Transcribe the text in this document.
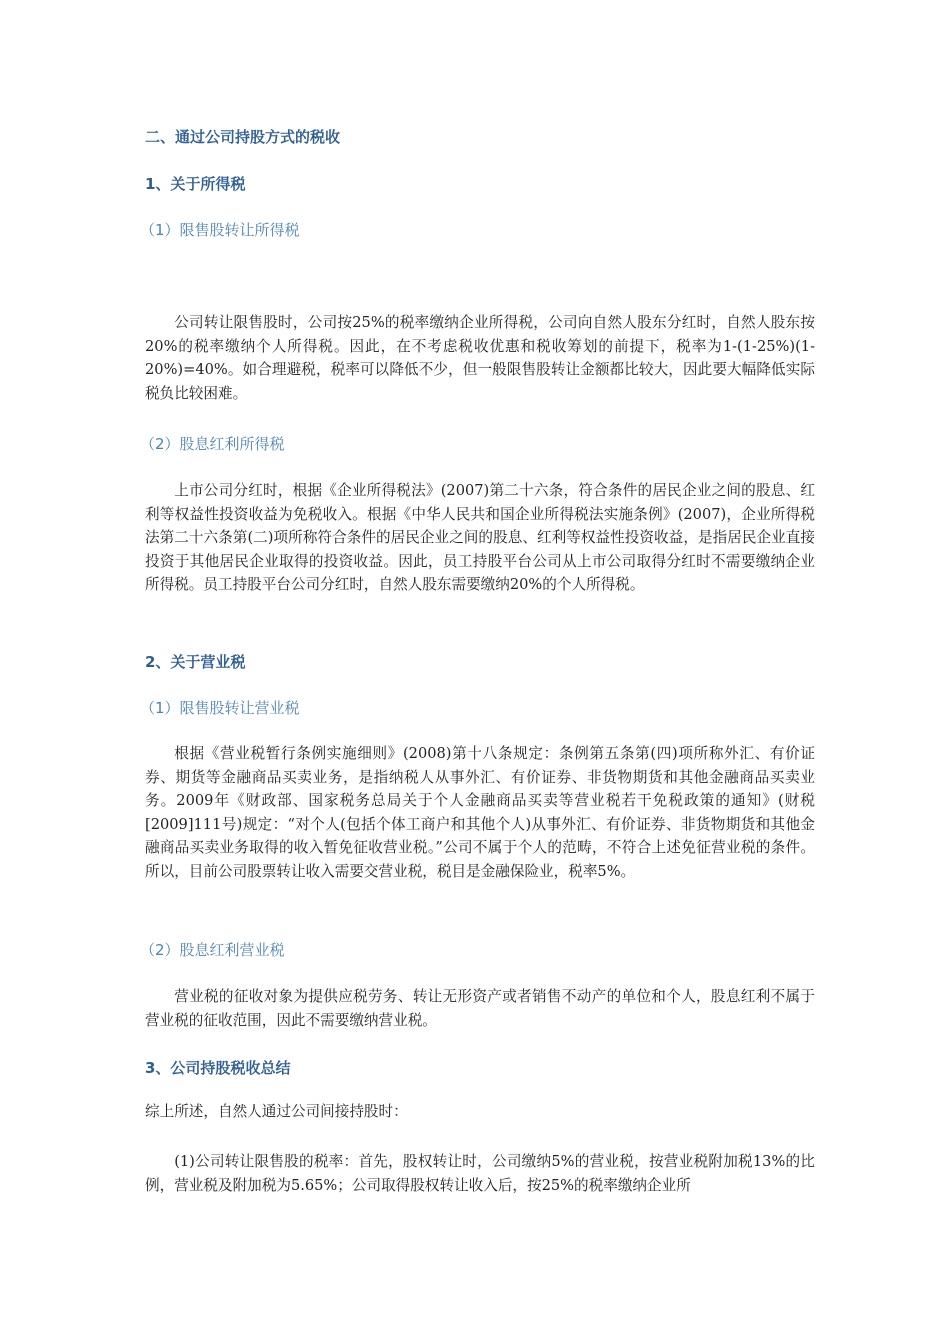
二、通过公司持股方式的税收
1、关于所得税
（1）限售股转让所得税

公司转让限售股时，公司按25%的税率缴纳企业所得税，公司向自然人股东分红时，自然人股东按20%的税率缴纳个人所得税。因此，在不考虑税收优惠和税收筹划的前提下，税率为1-(1-25%)(1-20%)=40%。如合理避税，税率可以降低不少，但一般限售股转让金额都比较大，因此要大幅降低实际税负比较困难。

（2）股息红利所得税

上市公司分红时，根据《企业所得税法》(2007)第二十六条，符合条件的居民企业之间的股息、红利等权益性投资收益为免税收入。根据《中华人民共和国企业所得税法实施条例》(2007)，企业所得税法第二十六条第(二)项所称符合条件的居民企业之间的股息、红利等权益性投资收益，是指居民企业直接投资于其他居民企业取得的投资收益。因此，员工持股平台公司从上市公司取得分红时不需要缴纳企业所得税。员工持股平台公司分红时，自然人股东需要缴纳20%的个人所得税。

2、关于营业税
（1）限售股转让营业税

根据《营业税暂行条例实施细则》(2008)第十八条规定：条例第五条第(四)项所称外汇、有价证券、期货等金融商品买卖业务，是指纳税人从事外汇、有价证券、非货物期货和其他金融商品买卖业务。2009年《财政部、国家税务总局关于个人金融商品买卖等营业税若干免税政策的通知》(财税[2009]111号)规定：“对个人(包括个体工商户和其他个人)从事外汇、有价证券、非货物期货和其他金融商品买卖业务取得的收入暂免征收营业税。”公司不属于个人的范畴，不符合上述免征营业税的条件。所以，目前公司股票转让收入需要交营业税，税目是金融保险业，税率5%。

（2）股息红利营业税

营业税的征收对象为提供应税劳务、转让无形资产或者销售不动产的单位和个人，股息红利不属于营业税的征收范围，因此不需要缴纳营业税。

3、公司持股税收总结

综上所述，自然人通过公司间接持股时：

(1)公司转让限售股的税率：首先，股权转让时，公司缴纳5%的营业税，按营业税附加税13%的比例，营业税及附加税为5.65%；公司取得股权转让收入后，按25%的税率缴纳企业所
